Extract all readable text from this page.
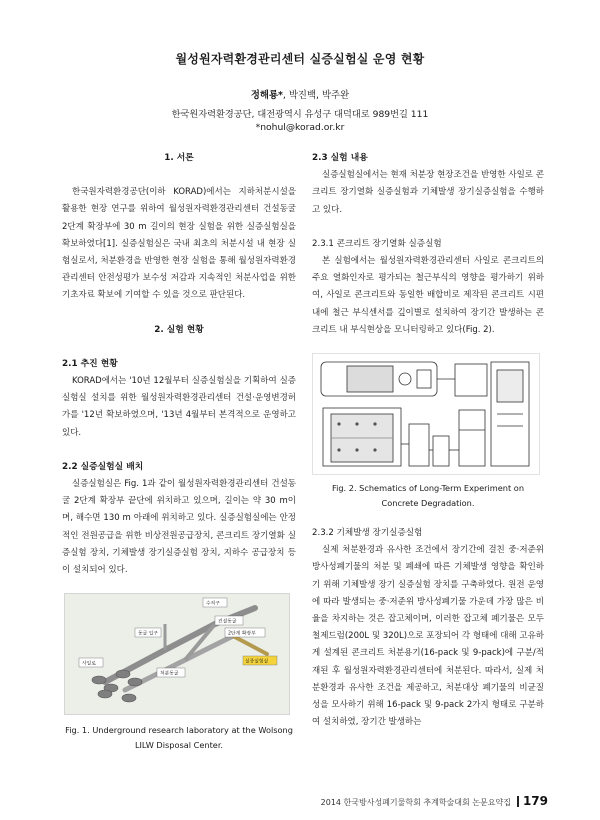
월성원자력환경관리센터 실증실험실 운영 현황
정해룡*, 박진백, 박주완
한국원자력환경공단, 대전광역시 유성구 대덕대로 989번길 111
*nohul@korad.or.kr
1. 서론

한국원자력환경공단(이하 KORAD)에서는 지하처분시설을 활용한 현장 연구를 위하여 월성원자력환경관리센터 건설동굴 2단계 확장부에 30 m 길이의 현장 실험을 위한 실증실험실을 확보하였다[1]. 실증실험실은 국내 최초의 처분시설 내 현장 실험실로서, 처분환경을 반영한 현장 실험을 통해 월성원자력환경관리센터 안전성평가 보수성 저감과 지속적인 처분사업을 위한 기초자료 확보에 기여할 수 있을 것으로 판단된다.

2. 실험 현황
2.1 추진 현황

KORAD에서는 '10년 12월부터 실증실험실을 기획하여 실증실험실 설치를 위한 월성원자력환경관리센터 건설·운영변경허가를 '12년 확보하였으며, '13년 4월부터 본격적으로 운영하고 있다.

2.2 실증실험실 배치

실증실험실은 Fig. 1과 같이 월성원자력환경관리센터 건설동굴 2단계 확장부 끝단에 위치하고 있으며, 길이는 약 30 m이며, 해수면 130 m 아래에 위치하고 있다. 실증실험실에는 안정적인 전원공급을 위한 비상전원공급장치, 콘크리트 장기열화 실증실험 장치, 기체발생 장기실증실험 장치, 지하수 공급장치 등이 설치되어 있다.

수직구
동굴 입구
건설동굴
2단계 확장부
사일로	실증실험실
처분동굴
Fig. 1. Underground research laboratory at the Wolsong LILW Disposal Center.
2.3 실험 내용

실증실험실에서는 현재 처분장 현장조건을 반영한 사일로 콘크리트 장기열화 실증실험과 기체발생 장기실증실험을 수행하고 있다.

2.3.1 콘크리트 장기열화 실증실험

본 실험에서는 월성원자력환경관리센터 사일로 콘크리트의 주요 열화인자로 평가되는 철근부식의 영향을 평가하기 위하여, 사일로 콘크리트와 동일한 배합비로 제작된 콘크리트 시편내에 철근 부식센서를 깊이별로 설치하여 장기간 발생하는 콘크리트 내 부식현상을 모니터링하고 있다(Fig. 2).

Fig. 2. Schematics of Long-Term Experiment on Concrete Degradation.
2.3.2 기체발생 장기실증실험

실제 처분환경과 유사한 조건에서 장기간에 걸친 중·저준위 방사성폐기물의 처분 및 폐쇄에 따른 기체발생 영향을 확인하기 위해 기체발생 장기 실증실험 장치를 구축하였다. 원전 운영에 따라 발생되는 중·저준위 방사성폐기물 가운데 가장 많은 비율을 차지하는 것은 잡고체이며, 이러한 잡고체 폐기물은 모두 철제드럼(200L 및 320L)으로 포장되어 각 형태에 대해 고유하게 설계된 콘크리트 처분용기(16-pack 및 9-pack)에 구분/적재된 후 월성원자력환경관리센터에 처분된다. 따라서, 실제 처분환경과 유사한 조건을 제공하고, 처분대상 폐기물의 비균질성을 모사하기 위해 16-pack 및 9-pack 2가지 형태로 구분하여 설치하였, 장기간 발생하는

2014 한국방사성폐기물학회 추계학술대회 논문요약집 179
